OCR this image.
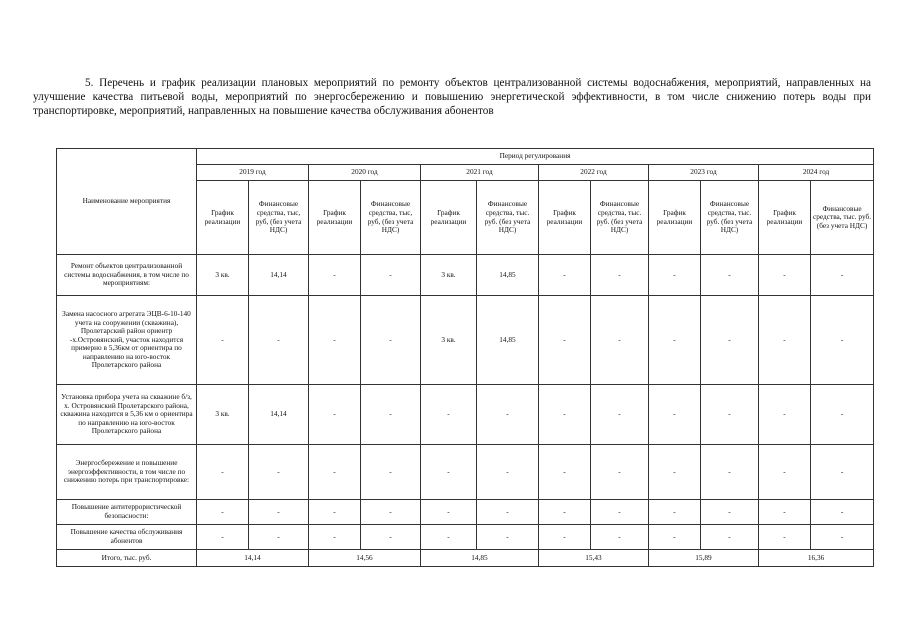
5. Перечень и график реализации плановых мероприятий по ремонту объектов централизованной системы водоснабжения, мероприятий, направленных на улучшение качества питьевой воды, мероприятий по энергосбережению и повышению энергетической эффективности, в том числе снижению потерь воды при транспортировке, мероприятий, направленных на повышение качества обслуживания абонентов
Наименование мероприятия	Период регулирования											
	2019 год		2020 год		2021 год		2022 год		2023 год		2024 год	
	График реализации	Финансовые средства, тыс, руб, (без учета НДС)	График реализации	Финансовые средства, тыс, руб, (без учета НДС)	График реализации	Финансовые средства, тыс. руб. (без учета НДС)	График реализации	Финансовые средства, тыс. руб. (без учета НДС)	График реализации	Финансовые средства, тыс. руб. (без учета НДС)	График реализации	Финансовые средства, тыс. руб. (без учета НДС)
Ремонт объектов централизованной системы водоснабжения, в том числе по мероприятиям:	3 кв.	14,14	-	-	3 кв.	14,85	-	-	-	-	-	-
Замена насосного агрегата ЭЦВ-6-10-140 учета на сооружении (скважина), Пролетарский район ориентр -х.Островянский, участок находится примерно в 5,36км от ориентира по направлению на юго-восток Пролетарского района	-	-	-	-	3 кв.	14,85	-	-	-	-	-	-
Установка прибора учета на скважине б/з, х. Островянский Пролетарского района, скважина находится в 5,36 км о ориентира по направлению на юго-восток Пролетарского района	3 кв.	14,14	-	-	-	-	-	-	-	-	-	-
Энергосбережение и повышение энергоэффективности, в том числе по снижению потерь при транспортировке:	-	-	-	-	-	-	-	-	-	-	-	-
Повышение антитеррористической безопасности:	-	-	-	-	-	-	-	-	-	-	-	-
Повышение качества обслуживания абонентов	-	-	-	-	-	-	-	-	-	-	-	-
Итого, тыс. руб.	14,14		14,56		14,85		15,43		15,89		16,36	
